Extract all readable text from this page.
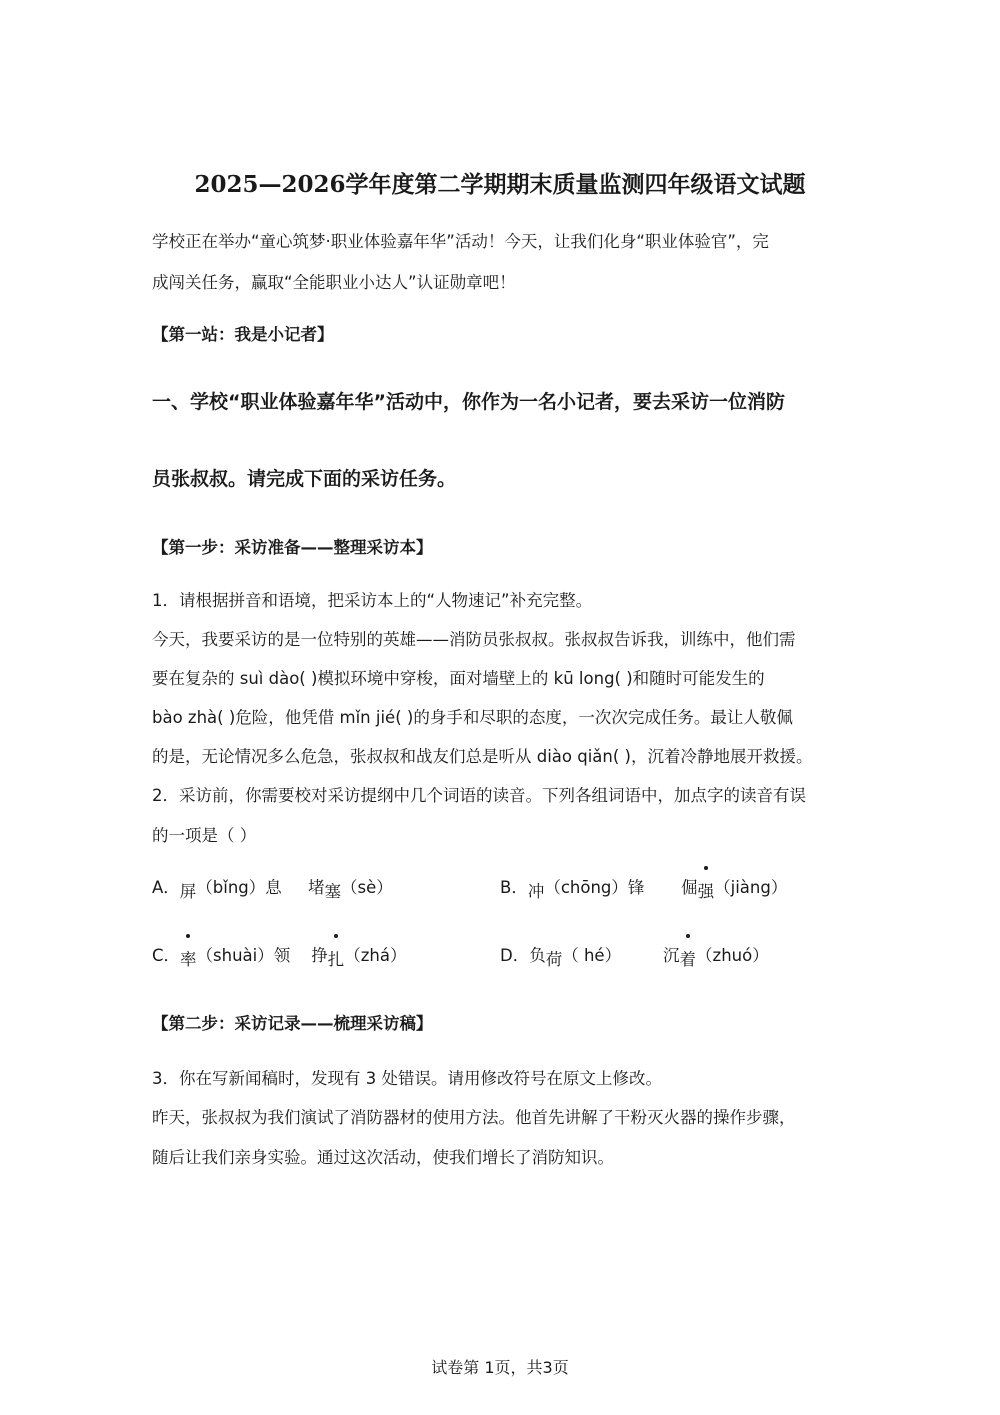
2025—2026学年度第二学期期末质量监测四年级语文试题
学校正在举办“童心筑梦·职业体验嘉年华”活动！今天，让我们化身“职业体验官”，完
成闯关任务，赢取“全能职业小达人”认证勋章吧！
【第一站：我是小记者】
一、学校“职业体验嘉年华”活动中，你作为一名小记者，要去采访一位消防
员张叔叔。请完成下面的采访任务。
【第一步：采访准备——整理采访本】
1．请根据拼音和语境，把采访本上的“人物速记”补充完整。
今天，我要采访的是一位特别的英雄——消防员张叔叔。张叔叔告诉我，训练中，他们需
要在复杂的 suì dào( )模拟环境中穿梭，面对墙壁上的 kū long( )和随时可能发生的
bào zhà( )危险，他凭借 mǐn jié( )的身手和尽职的态度，一次次完成任务。最让人敬佩
的是，无论情况多么危急，张叔叔和战友们总是听从 diào qiǎn( )，沉着冷静地展开救援。
2．采访前，你需要校对采访提纲中几个词语的读音。下列各组词语中，加点字的读音有误
的一项是（ ）
A．屏（bǐng）息 堵塞（sè）	B．冲（chōng）锋 倔强（jiàng）
C．率（shuài）领 挣扎（zhá）	D．负荷（ hé）	沉着（zhuó）
【第二步：采访记录——梳理采访稿】
3．你在写新闻稿时，发现有 3 处错误。请用修改符号在原文上修改。
昨天，张叔叔为我们演试了消防器材的使用方法。他首先讲解了干粉灭火器的操作步骤，
随后让我们亲身实验。通过这次活动，使我们增长了消防知识。
试卷第 1页，共3页
